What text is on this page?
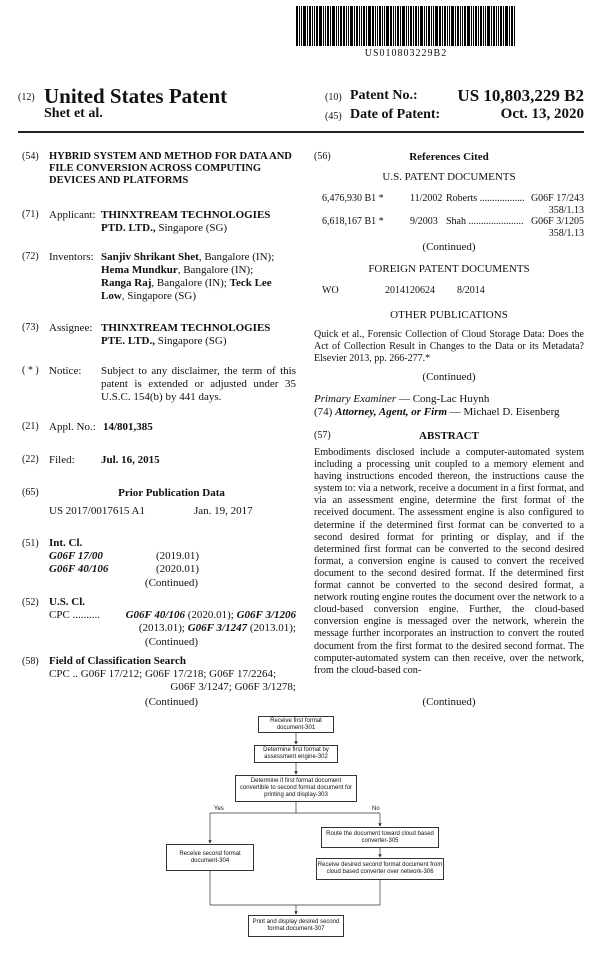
US010803229B2
(12) United States Patent
Shet et al.
(10) Patent No.:	US 10,803,229 B2
(45) Date of Patent:	Oct. 13, 2020
(54) HYBRID SYSTEM AND METHOD FOR DATA AND FILE CONVERSION ACROSS COMPUTING DEVICES AND PLATFORMS
(71) Applicant: THINXTREAM TECHNOLOGIES PTD. LTD., Singapore (SG)
(72) Inventors: Sanjiv Shrikant Shet, Bangalore (IN);
Hema Mundkur, Bangalore (IN);
Ranga Raj, Bangalore (IN); Teck Lee
Low, Singapore (SG)
(73) Assignee: THINXTREAM TECHNOLOGIES PTE. LTD., Singapore (SG)
( * ) Notice: Subject to any disclaimer, the term of this patent is extended or adjusted under 35 U.S.C. 154(b) by 441 days.
(21) Appl. No.: 14/801,385
(22) Filed: Jul. 16, 2015
(65)	Prior Publication Data
US 2017/0017615 A1	Jan. 19, 2017
(51) Int. Cl.
G06F 17/00	(2019.01)
G06F 40/106	(2020.01)
(Continued)
(52) U.S. Cl.
CPC ..........	G06F 40/106 (2020.01); G06F 3/1206
(2013.01); G06F 3/1247 (2013.01);
(Continued)
(58) Field of Classification Search
CPC .. G06F 17/212; G06F 17/218; G06F 17/2264;
G06F 3/1247; G06F 3/1278;
(Continued)
(56)	References Cited
U.S. PATENT DOCUMENTS
6,476,930 B1 *	11/2002 Roberts .................. G06F 17/243
358/1.13
6,618,167 B1 *	9/2003 Shah ...................... G06F 3/1205
358/1.13
(Continued)
FOREIGN PATENT DOCUMENTS
WO	2014120624 8/2014
OTHER PUBLICATIONS
Quick et al., Forensic Collection of Cloud Storage Data: Does the Act of Collection Result in Changes to the Data or its Metadata? Elsevier 2013, pp. 266-277.*
(Continued)
Primary Examiner — Cong-Lac Huynh
(74) Attorney, Agent, or Firm — Michael D. Eisenberg
(57)	ABSTRACT
Embodiments disclosed include a computer-automated system including a processing unit coupled to a memory element and having instructions encoded thereon, the instructions cause the system to: via a network, receive a document in a first format, and via an assessment engine, determine the first format of the received document. The assessment engine is also configured to determine if the determined first format can be converted to a second desired format for printing or display, and if the determined first format can be converted to the second desired format, a conversion engine is caused to convert the received document to the second desired format. If the determined first format cannot be converted to the second desired format, a network routing engine routes the document over the network to a cloud-based conversion engine. Further, the cloud-based conversion engine is messaged over the network, wherein the message further incorporates an instruction to convert the routed document from the first format to the desired second format. The computer-automated system can then receive, over the network, from the cloud-based con-
(Continued)
Receive first format document-301
Determine first format by assessment engine-302
Determine if first format document convertible to second format document for printing and display-303
Yes	No
Receive second format document-304
Route the document toward cloud based converter-305
Receive desired second format document from cloud based converter over network-306
Print and display desired second format document-307
